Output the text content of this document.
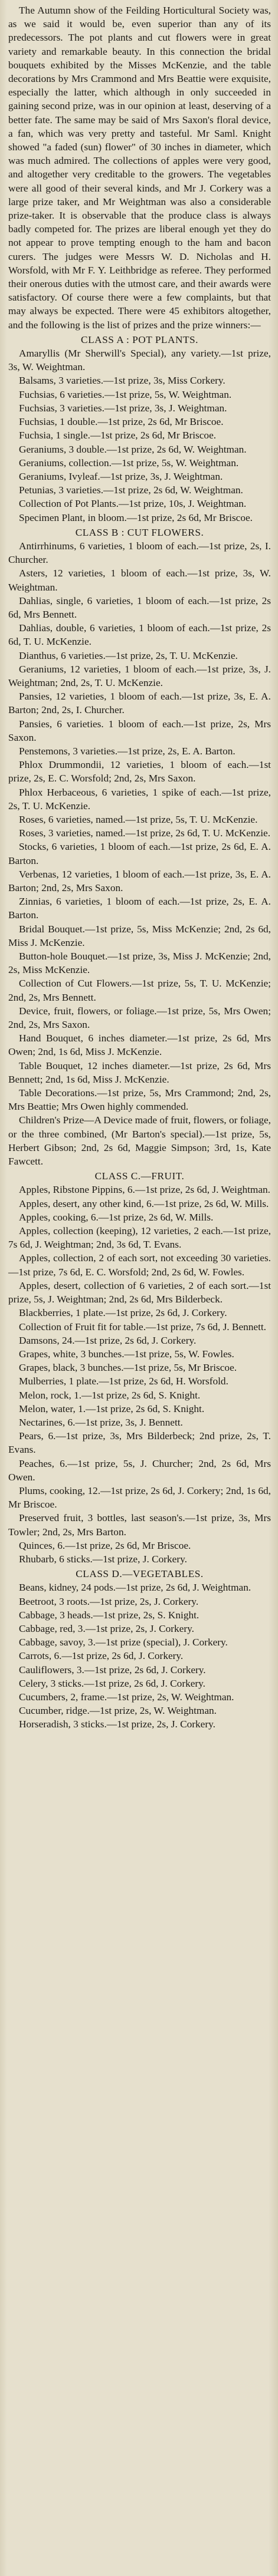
The Autumn show of the Feilding Horticultural Society was, as we said it would be, even superior than any of its predecessors. The pot plants and cut flowers were in great variety and remarkable beauty. In this connection the bridal bouquets exhibited by the Misses McKenzie, and the table decorations by Mrs Crammond and Mrs Beattie were exquisite, especially the latter, which although in only succeeded in gaining second prize, was in our opinion at least, deserving of a better fate. The same may be said of Mrs Saxon's floral device, a fan, which was very pretty and tasteful. Mr Saml. Knight showed "a faded (sun) flower" of 30 inches in diameter, which was much admired. The collections of apples were very good, and altogether very creditable to the growers. The vegetables were all good of their several kinds, and Mr J. Corkery was a large prize taker, and Mr Weightman was also a considerable prize-taker. It is observable that the produce class is always badly competed for. The prizes are liberal enough yet they do not appear to prove tempting enough to the ham and bacon curers. The judges were Messrs W. D. Nicholas and H. Worsfold, with Mr F. Y. Leithbridge as referee. They performed their onerous duties with the utmost care, and their awards were satisfactory. Of course there were a few complaints, but that may always be expected. There were 45 exhibitors altogether, and the following is the list of prizes and the prize winners:—

CLASS A : POT PLANTS.

Amaryllis (Mr Sherwill's Special), any variety.—1st prize, 3s, W. Weightman.

Balsams, 3 varieties.—1st prize, 3s, Miss Corkery.

Fuchsias, 6 varieties.—1st prize, 5s, W. Weightman.

Fuchsias, 3 varieties.—1st prize, 3s, J. Weightman.

Fuchsias, 1 double.—1st prize, 2s 6d, Mr Briscoe.

Fuchsia, 1 single.—1st prize, 2s 6d, Mr Briscoe.

Geraniums, 3 double.—1st prize, 2s 6d, W. Weightman.

Geraniums, collection.—1st prize, 5s, W. Weightman.

Geraniums, Ivyleaf.—1st prize, 3s, J. Weightman.

Petunias, 3 varieties.—1st prize, 2s 6d, W. Weightman.

Collection of Pot Plants.—1st prize, 10s, J. Weightman.

Specimen Plant, in bloom.—1st prize, 2s 6d, Mr Briscoe.

CLASS B : CUT FLOWERS.

Antirrhinums, 6 varieties, 1 bloom of each.—1st prize, 2s, I. Churcher.

Asters, 12 varieties, 1 bloom of each.—1st prize, 3s, W. Weightman.

Dahlias, single, 6 varieties, 1 bloom of each.—1st prize, 2s 6d, Mrs Bennett.

Dahlias, double, 6 varieties, 1 bloom of each.—1st prize, 2s 6d, T. U. McKenzie.

Dianthus, 6 varieties.—1st prize, 2s, T. U. McKenzie.

Geraniums, 12 varieties, 1 bloom of each.—1st prize, 3s, J. Weightman; 2nd, 2s, T. U. McKenzie.

Pansies, 12 varieties, 1 bloom of each.—1st prize, 3s, E. A. Barton; 2nd, 2s, I. Churcher.

Pansies, 6 varieties. 1 bloom of each.—1st prize, 2s, Mrs Saxon.

Penstemons, 3 varieties.—1st prize, 2s, E. A. Barton.

Phlox Drummondii, 12 varieties, 1 bloom of each.—1st prize, 2s, E. C. Worsfold; 2nd, 2s, Mrs Saxon.

Phlox Herbaceous, 6 varieties, 1 spike of each.—1st prize, 2s, T. U. McKenzie.

Roses, 6 varieties, named.—1st prize, 5s, T. U. McKenzie.

Roses, 3 varieties, named.—1st prize, 2s 6d, T. U. McKenzie.

Stocks, 6 varieties, 1 bloom of each.—1st prize, 2s 6d, E. A. Barton.

Verbenas, 12 varieties, 1 bloom of each.—1st prize, 3s, E. A. Barton; 2nd, 2s, Mrs Saxon.

Zinnias, 6 varieties, 1 bloom of each.—1st prize, 2s, E. A. Barton.

Bridal Bouquet.—1st prize, 5s, Miss McKenzie; 2nd, 2s 6d, Miss J. McKenzie.

Button-hole Bouquet.—1st prize, 3s, Miss J. McKenzie; 2nd, 2s, Miss McKenzie.

Collection of Cut Flowers.—1st prize, 5s, T. U. McKenzie; 2nd, 2s, Mrs Bennett.

Device, fruit, flowers, or foliage.—1st prize, 5s, Mrs Owen; 2nd, 2s, Mrs Saxon.

Hand Bouquet, 6 inches diameter.—1st prize, 2s 6d, Mrs Owen; 2nd, 1s 6d, Miss J. McKenzie.

Table Bouquet, 12 inches diameter.—1st prize, 2s 6d, Mrs Bennett; 2nd, 1s 6d, Miss J. McKenzie.

Table Decorations.—1st prize, 5s, Mrs Crammond; 2nd, 2s, Mrs Beattie; Mrs Owen highly commended.

Children's Prize—A Device made of fruit, flowers, or foliage, or the three combined, (Mr Barton's special).—1st prize, 5s, Herbert Gibson; 2nd, 2s 6d, Maggie Simpson; 3rd, 1s, Kate Fawcett.

CLASS C.—FRUIT.

Apples, Ribstone Pippins, 6.—1st prize, 2s 6d, J. Weightman.

Apples, desert, any other kind, 6.—1st prize, 2s 6d, W. Mills.

Apples, cooking, 6.—1st prize, 2s 6d, W. Mills.

Apples, collection (keeping), 12 varieties, 2 each.—1st prize, 7s 6d, J. Weightman; 2nd, 3s 6d, T. Evans.

Apples, collection, 2 of each sort, not exceeding 30 varieties.—1st prize, 7s 6d, E. C. Worsfold; 2nd, 2s 6d, W. Fowles.

Apples, desert, collection of 6 varieties, 2 of each sort.—1st prize, 5s, J. Weightman; 2nd, 2s 6d, Mrs Bilderbeck.

Blackberries, 1 plate.—1st prize, 2s 6d, J. Corkery.

Collection of Fruit fit for table.—1st prize, 7s 6d, J. Bennett.

Damsons, 24.—1st prize, 2s 6d, J. Corkery.

Grapes, white, 3 bunches.—1st prize, 5s, W. Fowles.

Grapes, black, 3 bunches.—1st prize, 5s, Mr Briscoe.

Mulberries, 1 plate.—1st prize, 2s 6d, H. Worsfold.

Melon, rock, 1.—1st prize, 2s 6d, S. Knight.

Melon, water, 1.—1st prize, 2s 6d, S. Knight.

Nectarines, 6.—1st prize, 3s, J. Bennett.

Pears, 6.—1st prize, 3s, Mrs Bilderbeck; 2nd prize, 2s, T. Evans.

Peaches, 6.—1st prize, 5s, J. Churcher; 2nd, 2s 6d, Mrs Owen.

Plums, cooking, 12.—1st prize, 2s 6d, J. Corkery; 2nd, 1s 6d, Mr Briscoe.

Preserved fruit, 3 bottles, last season's.—1st prize, 3s, Mrs Towler; 2nd, 2s, Mrs Barton.

Quinces, 6.—1st prize, 2s 6d, Mr Briscoe.

Rhubarb, 6 sticks.—1st prize, J. Corkery.

CLASS D.—VEGETABLES.

Beans, kidney, 24 pods.—1st prize, 2s 6d, J. Weightman.

Beetroot, 3 roots.—1st prize, 2s, J. Corkery.

Cabbage, 3 heads.—1st prize, 2s, S. Knight.

Cabbage, red, 3.—1st prize, 2s, J. Corkery.

Cabbage, savoy, 3.—1st prize (special), J. Corkery.

Carrots, 6.—1st prize, 2s 6d, J. Corkery.

Cauliflowers, 3.—1st prize, 2s 6d, J. Corkery.

Celery, 3 sticks.—1st prize, 2s 6d, J. Corkery.

Cucumbers, 2, frame.—1st prize, 2s, W. Weightman.

Cucumber, ridge.—1st prize, 2s, W. Weightman.

Horseradish, 3 sticks.—1st prize, 2s, J. Corkery.
